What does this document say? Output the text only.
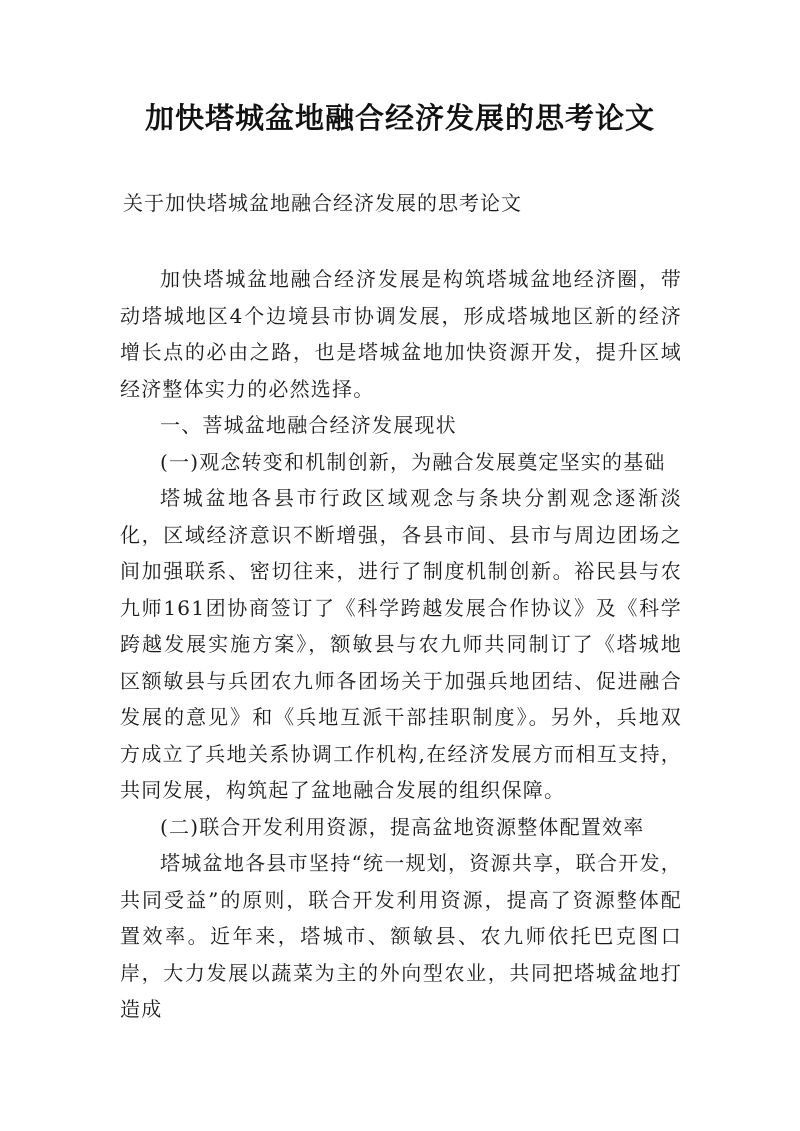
加快塔城盆地融合经济发展的思考论文
关于加快塔城盆地融合经济发展的思考论文

加快塔城盆地融合经济发展是构筑塔城盆地经济圈，带动塔城地区4个边境县市协调发展，形成塔城地区新的经济增长点的必由之路，也是塔城盆地加快资源开发，提升区域经济整体实力的必然选择。

一、菩城盆地融合经济发展现状

(一)观念转变和机制创新，为融合发展奠定坚实的基础

塔城盆地各县市行政区域观念与条块分割观念逐渐淡化，区域经济意识不断增强，各县市间、县市与周边团场之间加强联系、密切往来，进行了制度机制创新。裕民县与农九师161团协商签订了《科学跨越发展合作协议》及《科学跨越发展实施方案》，额敏县与农九师共同制订了《塔城地区额敏县与兵团农九师各团场关于加强兵地团结、促进融合发展的意见》和《兵地互派干部挂职制度》。另外，兵地双方成立了兵地关系协调工作机构,在经济发展方而相互支持，共同发展，构筑起了盆地融合发展的组织保障。

(二)联合开发利用资源，提高盆地资源整体配置效率

塔城盆地各县市坚持“统一规划，资源共享，联合开发，共同受益”的原则，联合开发利用资源，提高了资源整体配置效率。近年来，塔城市、额敏县、农九师依托巴克图口岸，大力发展以蔬菜为主的外向型农业，共同把塔城盆地打造成
